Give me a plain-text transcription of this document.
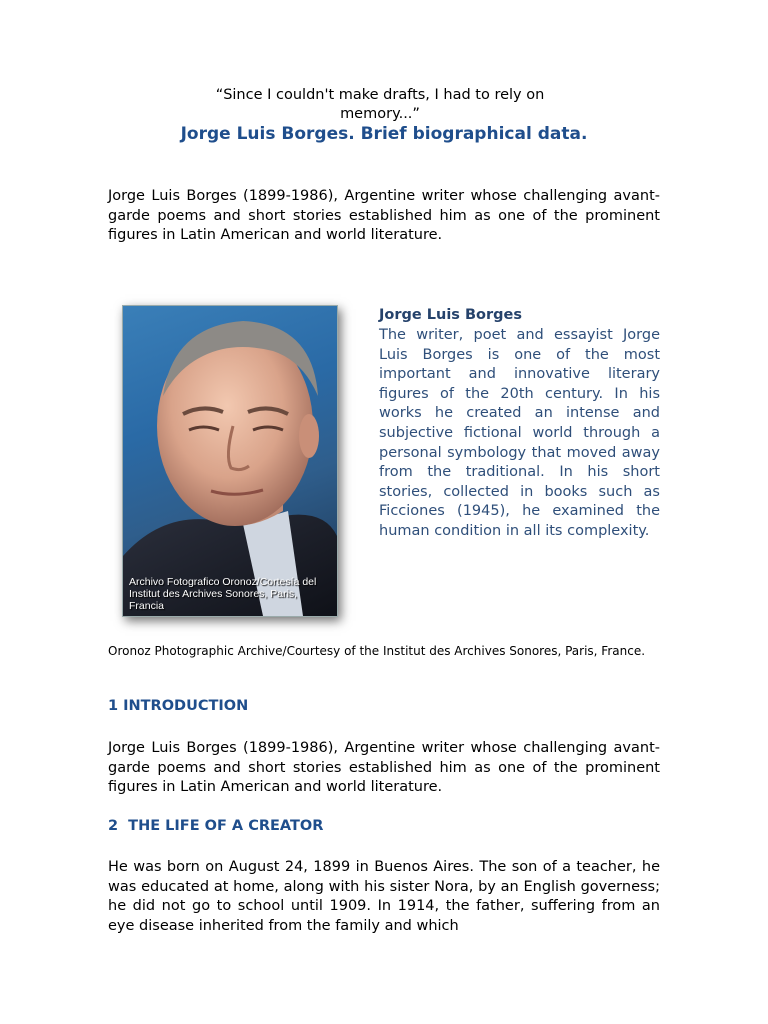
“Since I couldn't make drafts, I had to rely on memory...”
Jorge Luis Borges. Brief biographical data.

Jorge Luis Borges (1899-1986), Argentine writer whose challenging avant-garde poems and short stories established him as one of the prominent figures in Latin American and world literature.

Archivo Fotografico Oronoz/Cortesía del Institut des Archives Sonores, Paris, Francia
Jorge Luis Borges

The writer, poet and essayist Jorge Luis Borges is one of the most important and innovative literary figures of the 20th century. In his works he created an intense and subjective fictional world through a personal symbology that moved away from the traditional. In his short stories, collected in books such as Ficciones (1945), he examined the human condition in all its complexity.

Oronoz Photographic Archive/Courtesy of the Institut des Archives Sonores, Paris, France.

1 INTRODUCTION

Jorge Luis Borges (1899-1986), Argentine writer whose challenging avant-garde poems and short stories established him as one of the prominent figures in Latin American and world literature.

2  THE LIFE OF A CREATOR

He was born on August 24, 1899 in Buenos Aires. The son of a teacher, he was educated at home, along with his sister Nora, by an English governess; he did not go to school until 1909. In 1914, the father, suffering from an eye disease inherited from the family and which
